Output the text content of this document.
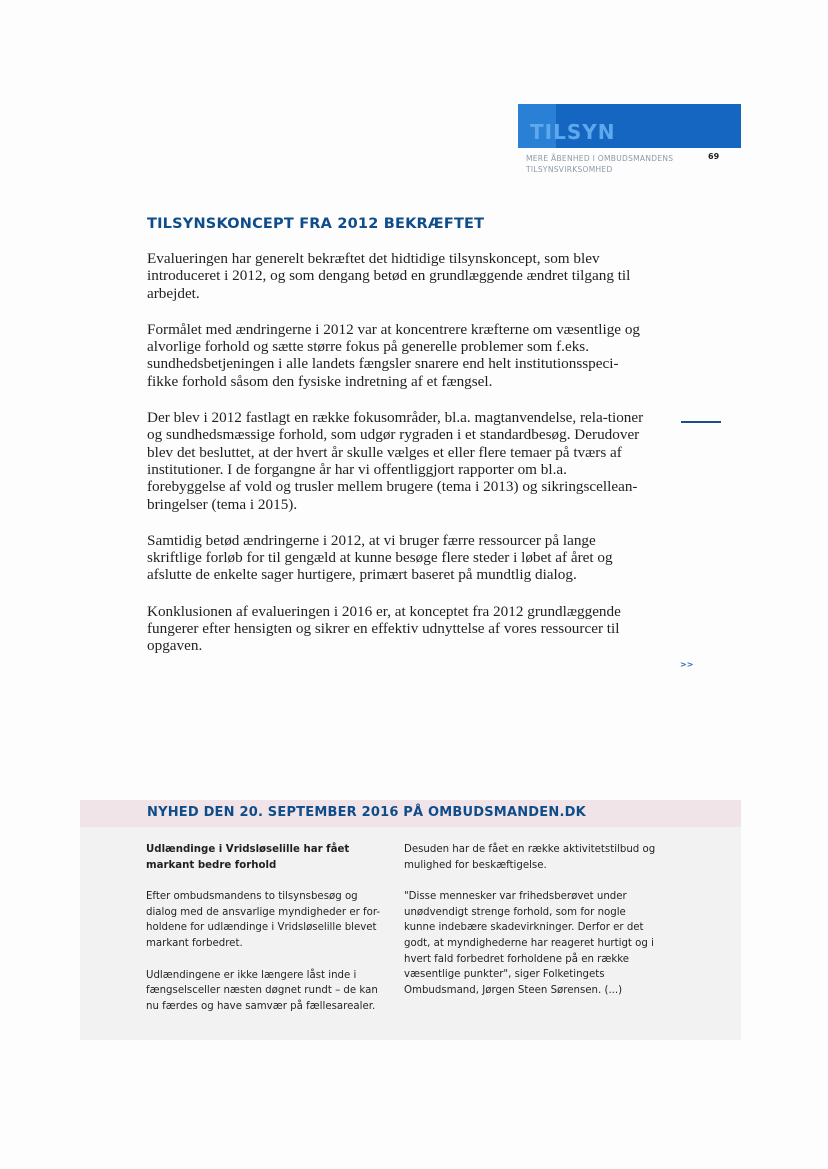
TILSYN
MERE ÅBENHED I OMBUDSMANDENS
TILSYNSVIRKSOMHED
69
TILSYNSKONCEPT FRA 2012 BEKRÆFTET

Evalueringen har generelt bekræftet det hidtidige tilsynskoncept, som blev introduceret i 2012, og som dengang betød en grundlæggende ændret tilgang til arbejdet.

Formålet med ændringerne i 2012 var at koncentrere kræfterne om væsentlige og alvorlige forhold og sætte større fokus på generelle problemer som f.eks. sundhedsbetjeningen i alle landets fængsler snarere end helt institutionsspeci-fikke forhold såsom den fysiske indretning af et fængsel.

Der blev i 2012 fastlagt en række fokusområder, bl.a. magtanvendelse, rela-tioner og sundhedsmæssige forhold, som udgør rygraden i et standardbesøg. Derudover blev det besluttet, at der hvert år skulle vælges et eller flere temaer på tværs af institutioner. I de forgangne år har vi offentliggjort rapporter om bl.a. forebyggelse af vold og trusler mellem brugere (tema i 2013) og sikringscellean-bringelser (tema i 2015).

Samtidig betød ændringerne i 2012, at vi bruger færre ressourcer på lange skriftlige forløb for til gengæld at kunne besøge flere steder i løbet af året og afslutte de enkelte sager hurtigere, primært baseret på mundtlig dialog.

Konklusionen af evalueringen i 2016 er, at konceptet fra 2012 grundlæggende fungerer efter hensigten og sikrer en effektiv udnyttelse af vores ressourcer til opgaven.

>>
NYHED DEN 20. SEPTEMBER 2016 PÅ OMBUDSMANDEN.DK

Udlændinge i Vridsløselille har fået markant bedre forhold

Efter ombudsmandens to tilsynsbesøg og dialog med de ansvarlige myndigheder er for-holdene for udlændinge i Vridsløselille blevet markant forbedret.

Udlændingene er ikke længere låst inde i fængselsceller næsten døgnet rundt – de kan nu færdes og have samvær på fællesarealer.

Desuden har de fået en række aktivitetstilbud og mulighed for beskæftigelse.

"Disse mennesker var frihedsberøvet under unødvendigt strenge forhold, som for nogle kunne indebære skadevirkninger. Derfor er det godt, at myndighederne har reageret hurtigt og i hvert fald forbedret forholdene på en række væsentlige punkter", siger Folketingets Ombudsmand, Jørgen Steen Sørensen. (...)
